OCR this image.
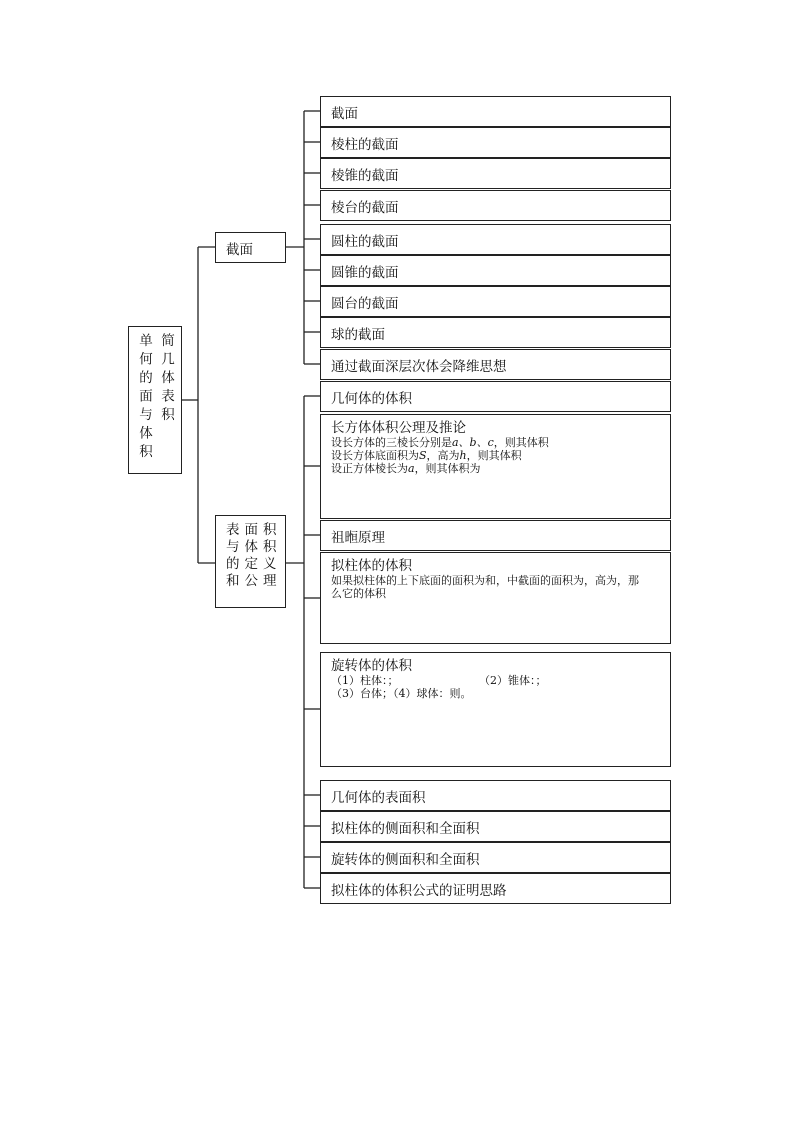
简几体表积
单何的面与体积
截面
表面积与体积的定义和公理
截面
棱柱的截面
棱锥的截面
棱台的截面
圆柱的截面
圆锥的截面
圆台的截面
球的截面
通过截面深层次体会降维思想
几何体的体积
长方体体积公理及推论
设长方体的三棱长分别是a、b、c，则其体积
设长方体底面积为S，高为h，则其体积
设正方体棱长为a，则其体积为
祖暅原理
拟柱体的体积
如果拟柱体的上下底面的面积为和，中截面的面积为，高为，那
么它的体积
旋转体的体积
（1）柱体：；	（2）锥体：；
（3）台体；（4）球体：则。
几何体的表面积
拟柱体的侧面积和全面积
旋转体的侧面积和全面积
拟柱体的体积公式的证明思路
